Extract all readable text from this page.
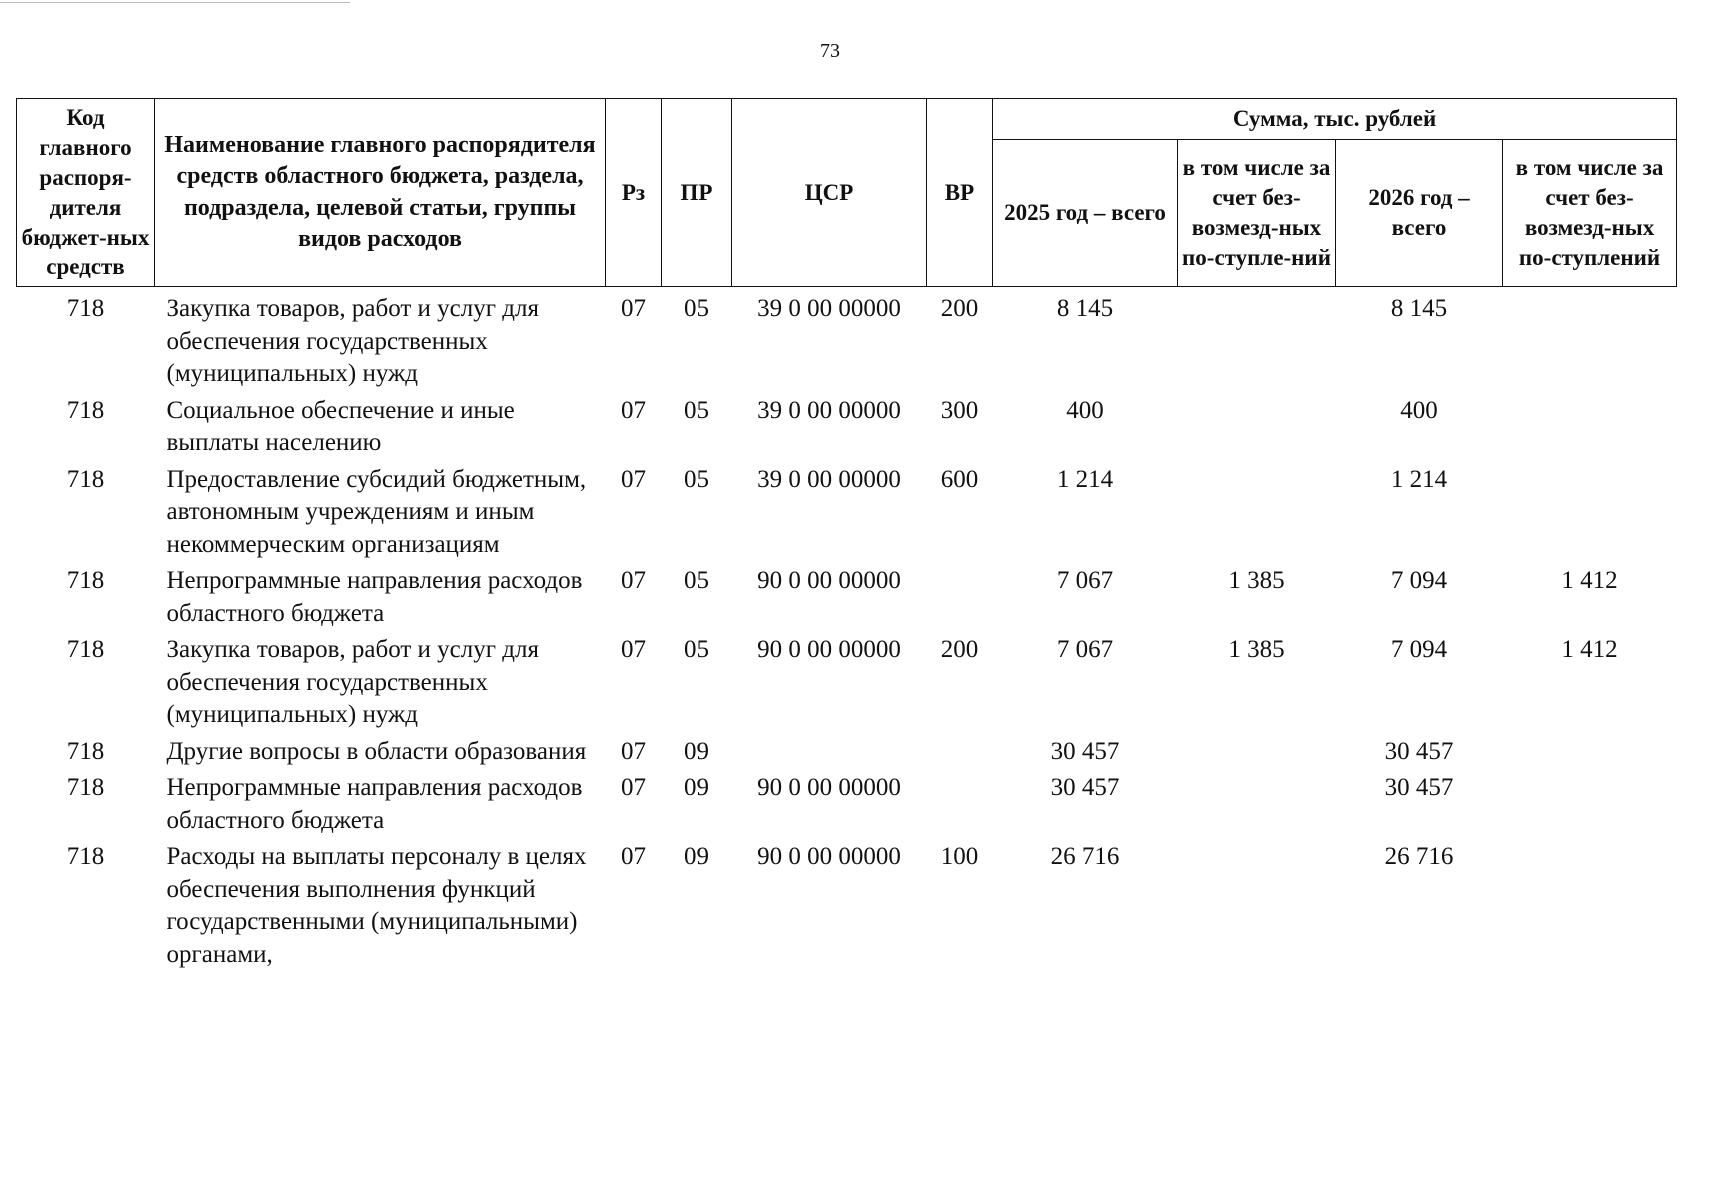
73
Код главного распоря-дителя бюджет-ных средств	Наименование главного распорядителя средств областного бюджета, раздела, подраздела, целевой статьи, группы видов расходов	Рз	ПР	ЦСР	ВР	Сумма, тыс. рублей			
						2025 год – всего	в том числе за счет без-возмезд-ных по-ступле-ний	2026 год – всего	в том числе за счет без-возмезд-ных по-ступлений
718	Закупка товаров, работ и услуг для обеспечения государственных (муниципальных) нужд	07	05	39 0 00 00000	200	8 145		8 145	
718	Социальное обеспечение и иные выплаты населению	07	05	39 0 00 00000	300	400		400	
718	Предоставление субсидий бюджетным, автономным учреждениям и иным некоммерческим организациям	07	05	39 0 00 00000	600	1 214		1 214	
718	Непрограммные направления расходов областного бюджета	07	05	90 0 00 00000		7 067	1 385	7 094	1 412
718	Закупка товаров, работ и услуг для обеспечения государственных (муниципальных) нужд	07	05	90 0 00 00000	200	7 067	1 385	7 094	1 412
718	Другие вопросы в области образования	07	09			30 457		30 457	
718	Непрограммные направления расходов областного бюджета	07	09	90 0 00 00000		30 457		30 457	
718	Расходы на выплаты персоналу в целях обеспечения выполнения функций государственными (муниципальными) органами,	07	09	90 0 00 00000	100	26 716		26 716	
